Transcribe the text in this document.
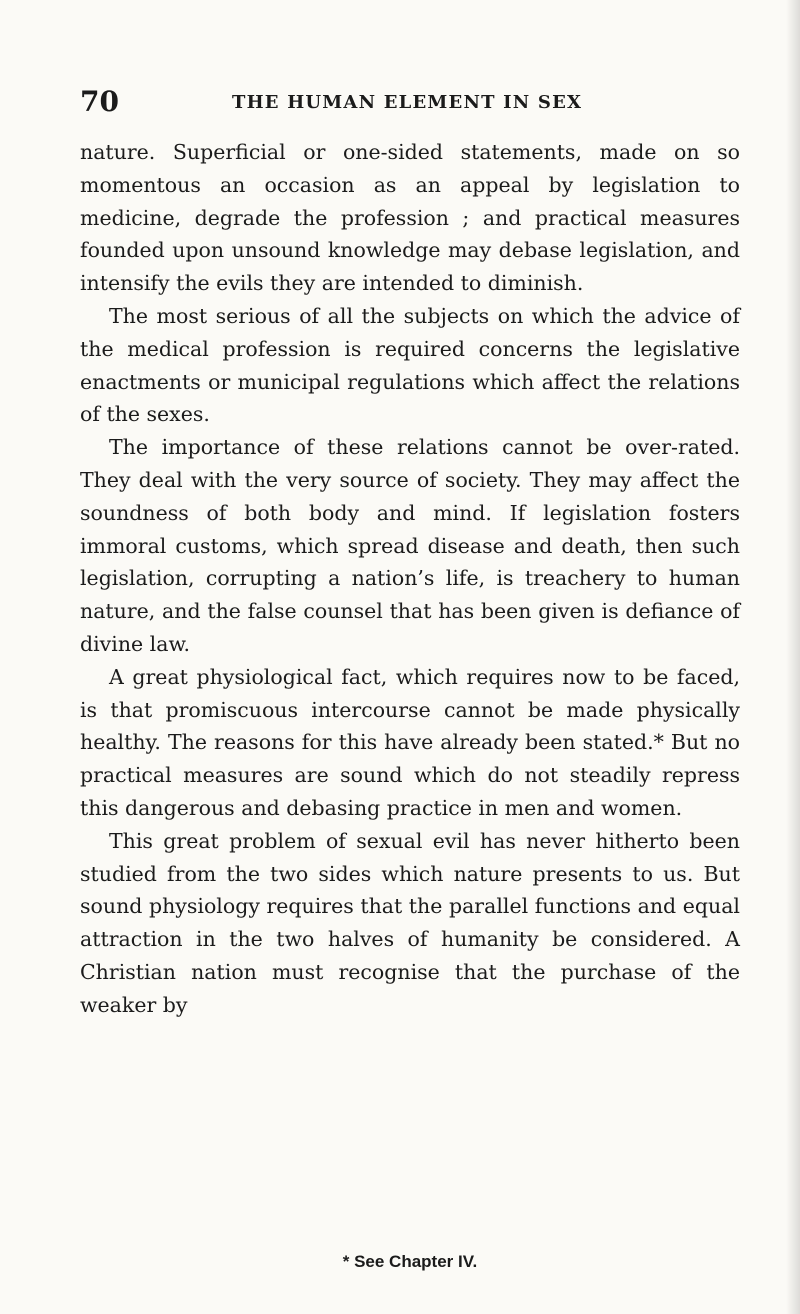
70	THE HUMAN ELEMENT IN SEX

nature. Superficial or one-sided statements, made on so momentous an occasion as an appeal by legislation to medicine, degrade the profession ; and practical measures founded upon unsound knowledge may debase legislation, and intensify the evils they are intended to diminish.

The most serious of all the subjects on which the advice of the medical profession is required concerns the legislative enactments or municipal regulations which affect the relations of the sexes.

The importance of these relations cannot be over-rated. They deal with the very source of society. They may affect the soundness of both body and mind. If legislation fosters immoral customs, which spread disease and death, then such legislation, corrupting a nation’s life, is treachery to human nature, and the false counsel that has been given is defiance of divine law.

A great physiological fact, which requires now to be faced, is that promiscuous intercourse cannot be made physically healthy. The reasons for this have already been stated.* But no practical measures are sound which do not steadily repress this dangerous and debasing practice in men and women.

This great problem of sexual evil has never hitherto been studied from the two sides which nature presents to us. But sound physiology requires that the parallel functions and equal attraction in the two halves of humanity be considered. A Christian nation must recognise that the purchase of the weaker by

* See Chapter IV.
